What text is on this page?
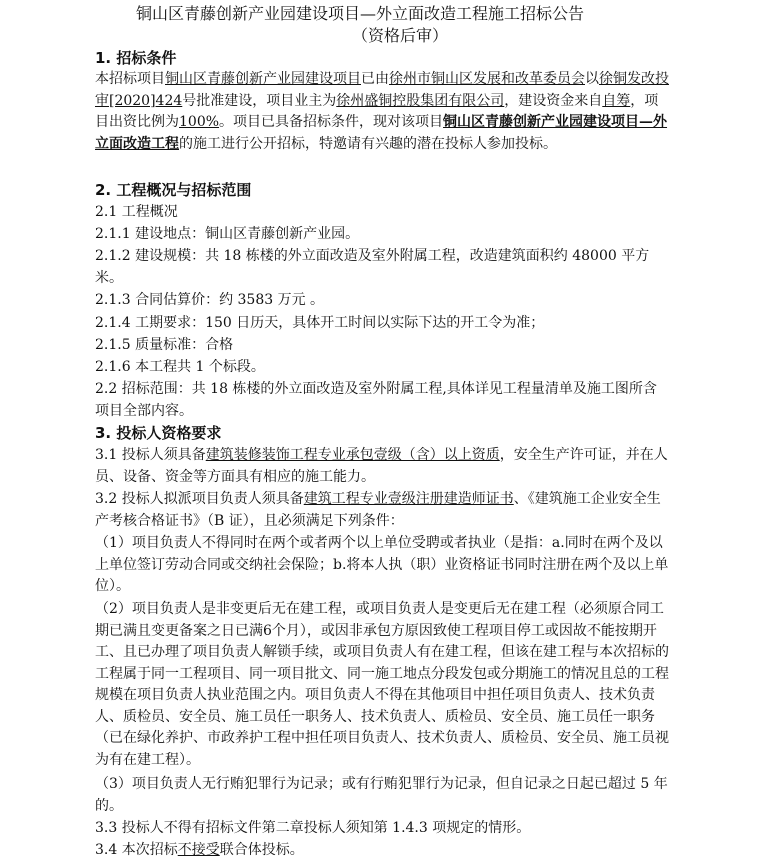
铜山区青藤创新产业园建设项目—外立面改造工程施工招标公告
（资格后审）
1. 招标条件
本招标项目铜山区青藤创新产业园建设项目已由徐州市铜山区发展和改革委员会以徐铜发改投审[2020]424号批准建设，项目业主为徐州盛铜控股集团有限公司，建设资金来自自筹，项目出资比例为100%。项目已具备招标条件，现对该项目铜山区青藤创新产业园建设项目—外立面改造工程的施工进行公开招标，特邀请有兴趣的潜在投标人参加投标。
2. 工程概况与招标范围
2.1 工程概况
2.1.1 建设地点：铜山区青藤创新产业园。
2.1.2 建设规模：共 18 栋楼的外立面改造及室外附属工程，改造建筑面积约 48000 平方米。
2.1.3 合同估算价：约 3583 万元 。
2.1.4 工期要求：150 日历天，具体开工时间以实际下达的开工令为准；
2.1.5 质量标准：合格
2.1.6 本工程共 1 个标段。
2.2 招标范围：共 18 栋楼的外立面改造及室外附属工程,具体详见工程量清单及施工图所含项目全部内容。
3. 投标人资格要求
3.1 投标人须具备建筑装修装饰工程专业承包壹级（含）以上资质，安全生产许可证，并在人员、设备、资金等方面具有相应的施工能力。
3.2 投标人拟派项目负责人须具备建筑工程专业壹级注册建造师证书、《建筑施工企业安全生产考核合格证书》（B 证），且必须满足下列条件：
（1）项目负责人不得同时在两个或者两个以上单位受聘或者执业（是指：a.同时在两个及以上单位签订劳动合同或交纳社会保险；b.将本人执（职）业资格证书同时注册在两个及以上单位）。
（2）项目负责人是非变更后无在建工程，或项目负责人是变更后无在建工程（必须原合同工期已满且变更备案之日已满6个月），或因非承包方原因致使工程项目停工或因故不能按期开工、且已办理了项目负责人解锁手续，或项目负责人有在建工程，但该在建工程与本次招标的工程属于同一工程项目、同一项目批文、同一施工地点分段发包或分期施工的情况且总的工程规模在项目负责人执业范围之内。项目负责人不得在其他项目中担任项目负责人、技术负责人、质检员、安全员、施工员任一职务人、技术负责人、质检员、安全员、施工员任一职务（已在绿化养护、市政养护工程中担任项目负责人、技术负责人、质检员、安全员、施工员视为有在建工程）。
（3）项目负责人无行贿犯罪行为记录；或有行贿犯罪行为记录，但自记录之日起已超过 5 年的。
3.3 投标人不得有招标文件第二章投标人须知第 1.4.3 项规定的情形。
3.4 本次招标不接受联合体投标。
